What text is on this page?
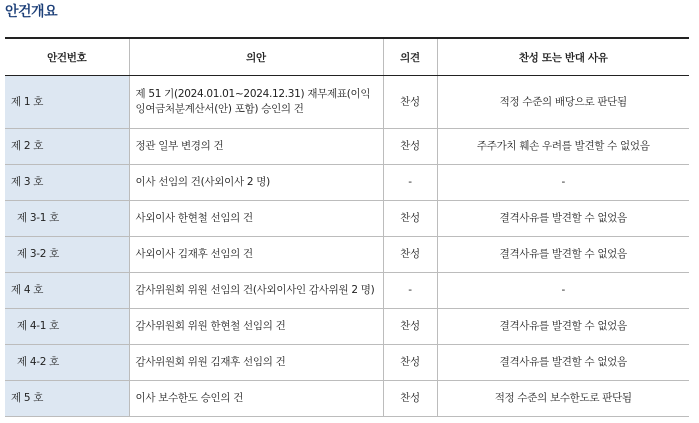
안건개요
안건번호	의안	의견	찬성 또는 반대 사유
제 1 호	제 51 기(2024.01.01~2024.12.31) 재무제표(이익잉여금처분계산서(안) 포함) 승인의 건	찬성	적정 수준의 배당으로 판단됨
제 2 호	정관 일부 변경의 건	찬성	주주가치 훼손 우려를 발견할 수 없었음
제 3 호	이사 선임의 건(사외이사 2 명)	-	-
제 3-1 호	사외이사 한현철 선임의 건	찬성	결격사유를 발견할 수 없었음
제 3-2 호	사외이사 김재후 선임의 건	찬성	결격사유를 발견할 수 없었음
제 4 호	감사위원회 위원 선임의 건(사외이사인 감사위원 2 명)	-	-
제 4-1 호	감사위원회 위원 한현철 선임의 건	찬성	결격사유를 발견할 수 없었음
제 4-2 호	감사위원회 위원 김재후 선임의 건	찬성	결격사유를 발견할 수 없었음
제 5 호	이사 보수한도 승인의 건	찬성	적정 수준의 보수한도로 판단됨
